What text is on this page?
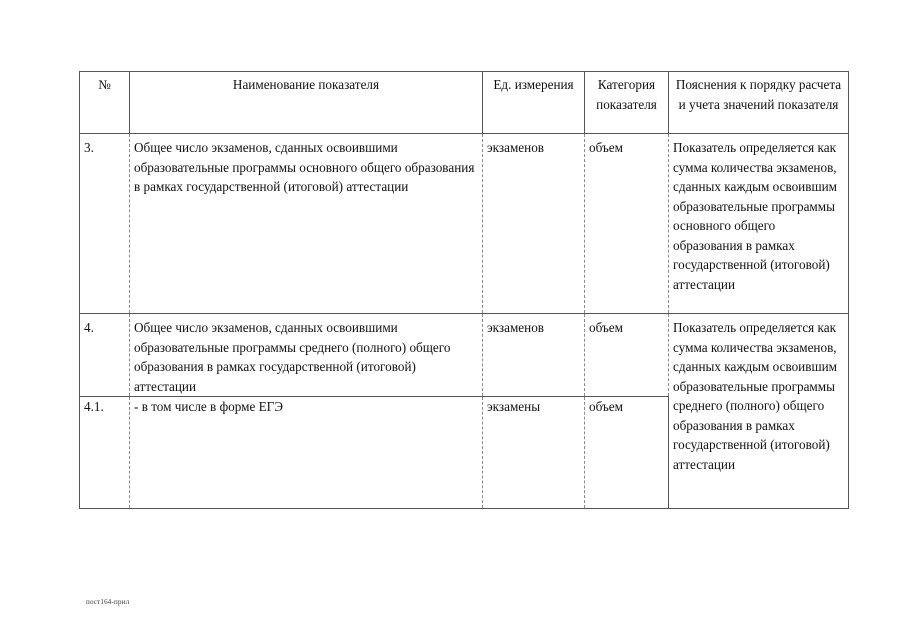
№	Наименование показателя	Ед. измерения	Категория показателя	Пояснения к порядку расчета и учета значений показателя
3.	Общее число экзаменов, сданных освоившими образовательные программы основного общего образования в рамках государственной (итоговой) аттестации	экзаменов	объем	Показатель определяется как сумма количества экзаменов, сданных каждым освоившим образовательные программы основного общего образования в рамках государственной (итоговой) аттестации
4.	Общее число экзаменов, сданных освоившими образовательные программы среднего (полного) общего образования в рамках государственной (итоговой) аттестации	экзаменов	объем	Показатель определяется как сумма количества экзаменов, сданных каждым освоившим образовательные программы среднего (полного) общего образования в рамках государственной (итоговой) аттестации
4.1.	- в том числе в форме ЕГЭ	экзамены	объем	
пост164-прил
